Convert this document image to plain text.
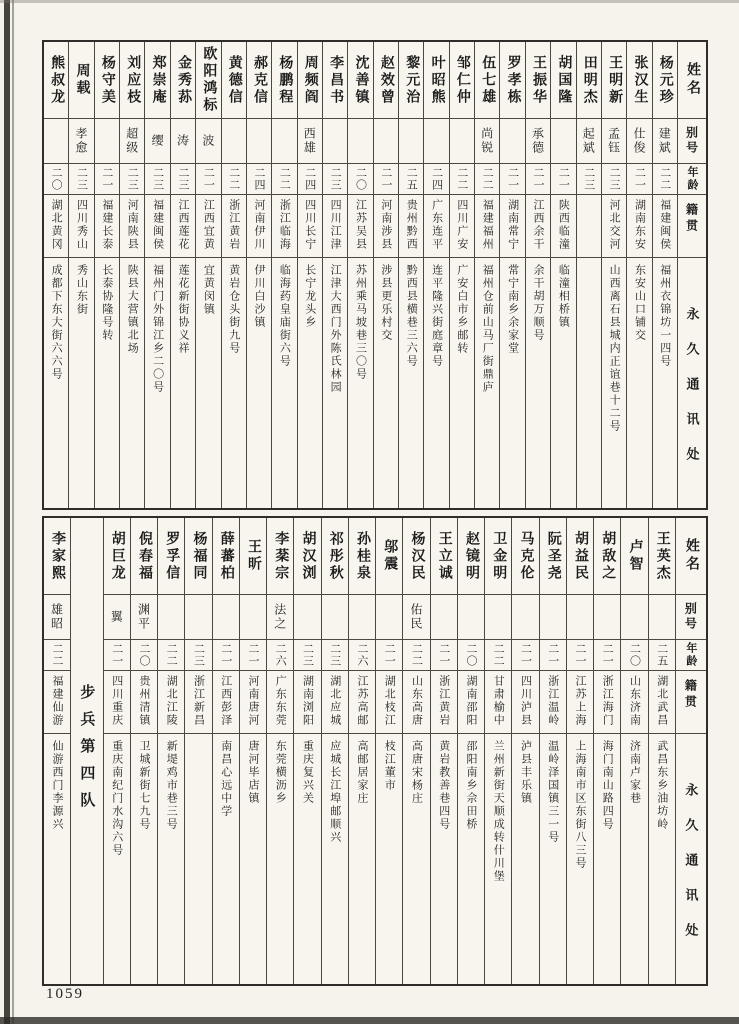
姓名
别号
年龄
籍贯
永久通讯处
杨元珍
建斌
二二
福建闽侯
福州衣锦坊一四号
张汉生
仕俊
二一
湖南东安
东安山口铺交
王明新
孟钰
二三
河北交河
山西离石县城内正谊巷十二号
田明杰
起斌
二三
胡国隆
二一
陕西临潼
临潼相桥镇
王振华
承德
二一
江西余干
余干胡万顺号
罗孝栋
二一
湖南常宁
常宁南乡余家堂
伍七雄
尚锐
二二
福建福州
福州仓前山马厂街鼎庐
邹仁仲
二二
四川广安
广安白市乡邮转
叶昭熊
二四
广东连平
连平隆兴街庭章号
黎元治
二五
贵州黔西
黔西县横巷三六号
赵效曾
二一
河南涉县
涉县更乐村交
沈善镇
二〇
江苏吴县
苏州乘马坡巷三〇号
李昌书
二三
四川江津
江津大西门外陈氏林园
周频阎
西雄
二四
四川长宁
长宁龙头乡
杨鹏程
二二
浙江临海
临海药皇庙街六号
郝克信
二四
河南伊川
伊川白沙镇
黄德信
二二
浙江黄岩
黄岩仓头街九号
欧阳鸿标
波
二一
江西宜黄
宜黄闵镇
金秀荪
涛
二三
江西莲花
莲花新街协义祥
郑崇庵
缨
二三
福建闽侯
福州门外锦江乡二〇号
刘应枝
超级
二三
河南陕县
陕县大营镇北场
杨守美
二一
福建长泰
长泰协隆号转
周载
孝愈
二三
四川秀山
秀山东街
熊叔龙
二〇
湖北黄冈
成都下东大街六六号
姓名
别号
年龄
籍贯
永久通讯处
王英杰
二五
湖北武昌
武昌东乡油坊岭
卢智
二〇
山东济南
济南卢家巷
胡敌之
二一
浙江海门
海门南山路四号
胡益民
二一
江苏上海
上海南市区东街八三号
阮圣尧
二一
浙江温岭
温岭泽国镇三一号
马克伦
二一
四川泸县
泸县丰乐镇
卫金明
二二
甘肃榆中
兰州新街天顺成转什川堡
赵镜明
二〇
湖南邵阳
邵阳南乡佘田桥
王立诚
二一
浙江黄岩
黄岩教善巷四号
杨汉民
佑民
二二
山东高唐
高唐宋杨庄
邬震
二一
湖北枝江
枝江董市
孙桂泉
二六
江苏高邮
高邮居家庄
祁彤秋
二三
湖北应城
应城长江埠邮顺兴
胡汉浏
二三
湖南浏阳
重庆复兴关
李棻宗
法之
二六
广东东莞
东莞横沥乡
王昕
二一
河南唐河
唐河毕店镇
薛蕃柏
二一
江西彭泽
南昌心远中学
杨福同
二三
浙江新昌
罗孚信
二二
湖北江陵
新堤鸡市巷三号
倪春福
渊平
二〇
贵州清镇
卫城新街七九号
胡巨龙
翼
二一
四川重庆
重庆南纪门水沟六号
步兵第四队
李家熙
雄昭
二二
福建仙游
仙游西门李源兴
1059
